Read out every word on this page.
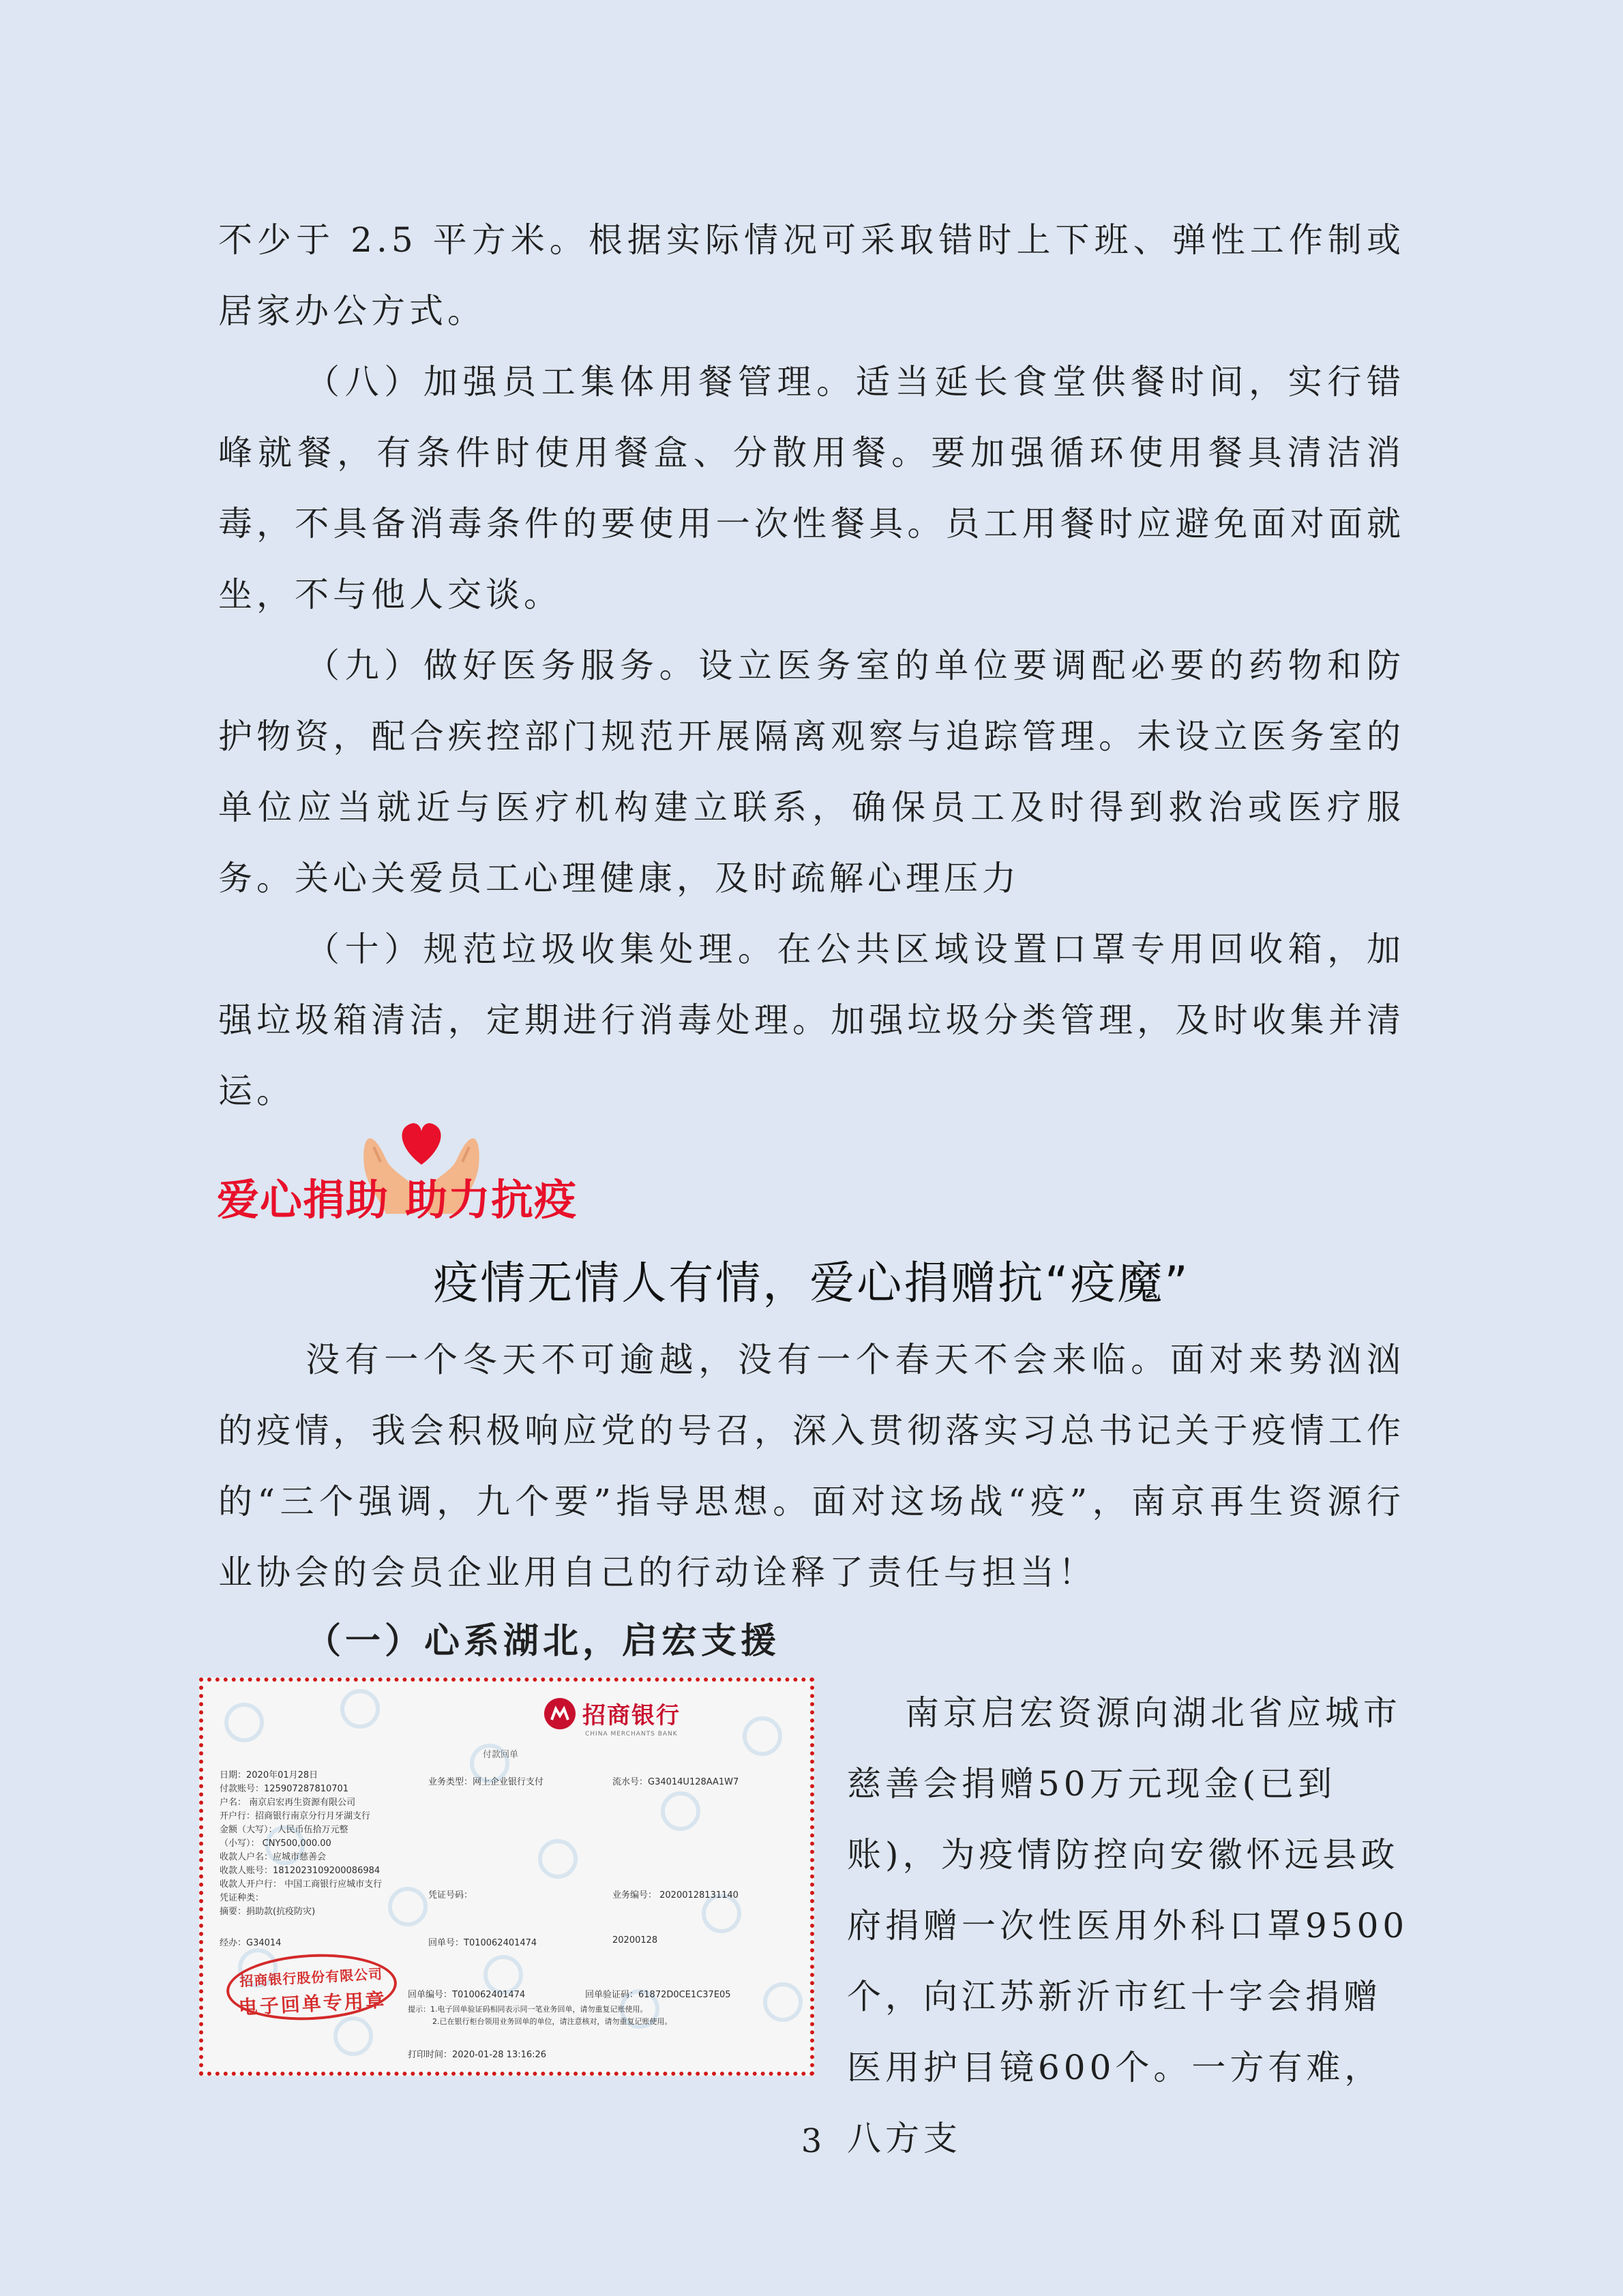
不少于 2.5 平方米。根据实际情况可采取错时上下班、弹性工作制或居家办公方式。

（八）加强员工集体用餐管理。适当延长食堂供餐时间，实行错峰就餐，有条件时使用餐盒、分散用餐。要加强循环使用餐具清洁消毒，不具备消毒条件的要使用一次性餐具。员工用餐时应避免面对面就坐，不与他人交谈。

（九）做好医务服务。设立医务室的单位要调配必要的药物和防护物资，配合疾控部门规范开展隔离观察与追踪管理。未设立医务室的单位应当就近与医疗机构建立联系，确保员工及时得到救治或医疗服务。关心关爱员工心理健康，及时疏解心理压力

（十）规范垃圾收集处理。在公共区域设置口罩专用回收箱，加强垃圾箱清洁，定期进行消毒处理。加强垃圾分类管理，及时收集并清运。

爱心捐助 助力抗疫
疫情无情人有情，爱心捐赠抗“疫魔”

没有一个冬天不可逾越，没有一个春天不会来临。面对来势汹汹的疫情，我会积极响应党的号召，深入贯彻落实习总书记关于疫情工作的“三个强调，九个要”指导思想。面对这场战“疫”，南京再生资源行业协会的会员企业用自己的行动诠释了责任与担当！

（一）心系湖北，启宏支援
招商银行
CHINA MERCHANTS BANK
付款回单
日期：2020年01月28日
付款账号：125907287810701
户名： 南京启宏再生资源有限公司
开户行：招商银行南京分行月牙湖支行
金额（大写）：人民币伍拾万元整
（小写）： CNY500,000.00
收款人户名：应城市慈善会
收款人账号：1812023109200086984
收款人开户行： 中国工商银行应城市支行
凭证种类：
摘要：捐助款(抗疫防灾)
业务类型：网上企业银行支付	流水号：G34014U128AA1W7
凭证号码：	业务编号： 20200128131140
经办：G34014	回单号：T010062401474	20200128
回单编号：T010062401474	回单验证码：61872D0CE1C37E05
提示：1.电子回单验证码相同表示同一笔业务回单，请勿重复记账使用。
2.已在银行柜台领用业务回单的单位，请注意核对，请勿重复记账使用。
打印时间：2020-01-28 13:16:26
招商银行股份有限公司
电子回单专用章

南京启宏资源向湖北省应城市慈善会捐赠50万元现金(已到账)，为疫情防控向安徽怀远县政府捐赠一次性医用外科口罩9500个，向江苏新沂市红十字会捐赠医用护目镜600个。一方有难，八方支

3
